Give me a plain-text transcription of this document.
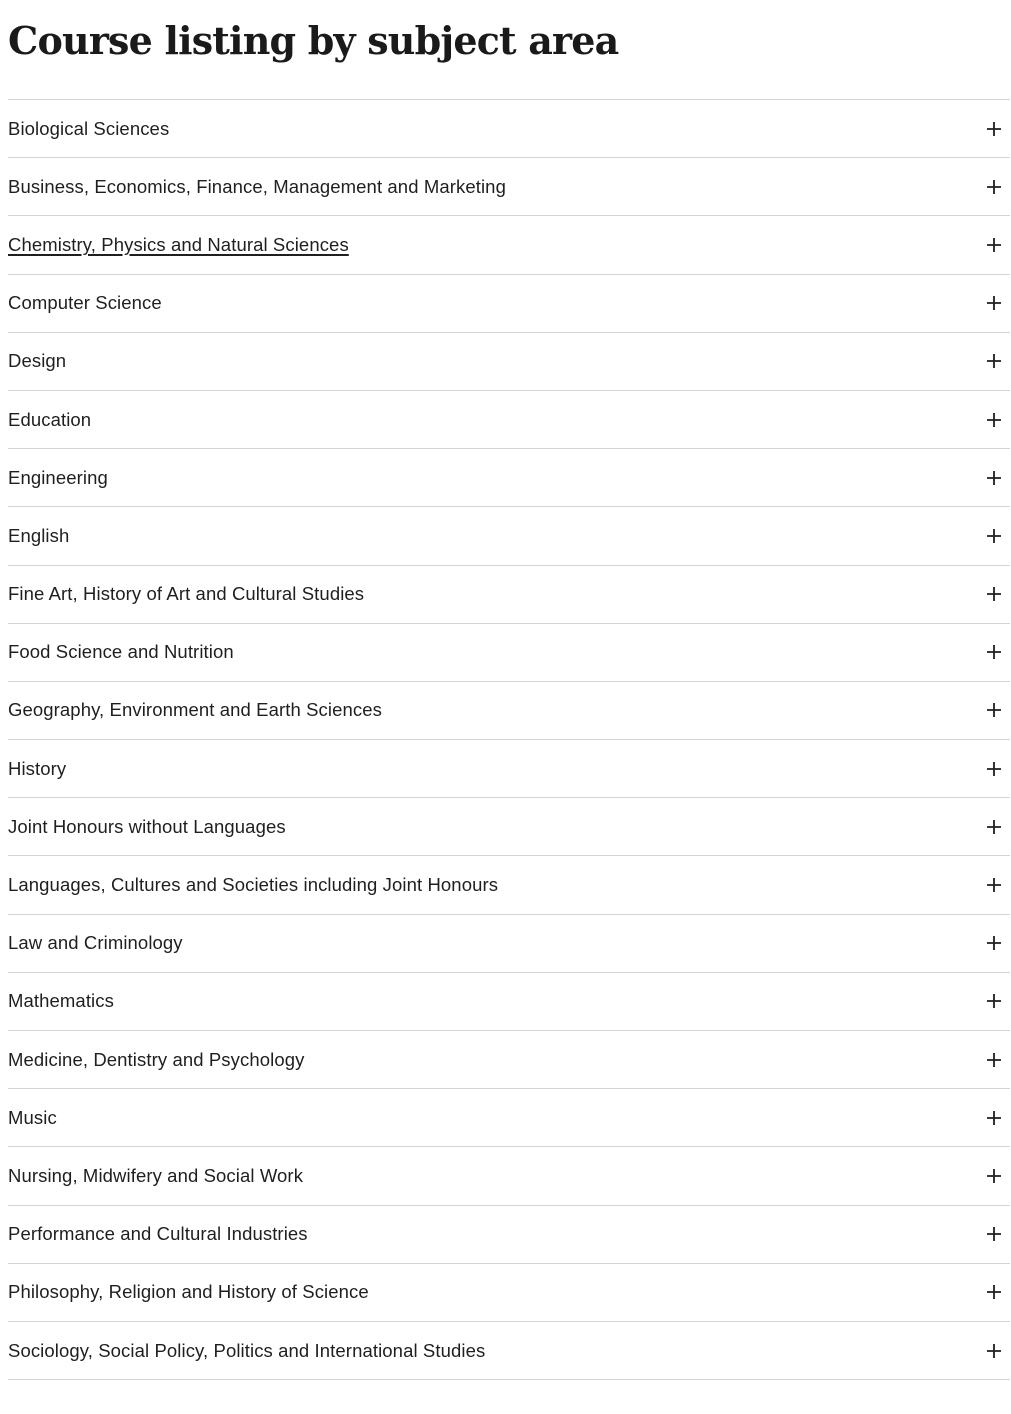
Course listing by subject area
Biological Sciences
Business, Economics, Finance, Management and Marketing
Chemistry, Physics and Natural Sciences
Computer Science
Design
Education
Engineering
English
Fine Art, History of Art and Cultural Studies
Food Science and Nutrition
Geography, Environment and Earth Sciences
History
Joint Honours without Languages
Languages, Cultures and Societies including Joint Honours
Law and Criminology
Mathematics
Medicine, Dentistry and Psychology
Music
Nursing, Midwifery and Social Work
Performance and Cultural Industries
Philosophy, Religion and History of Science
Sociology, Social Policy, Politics and International Studies
